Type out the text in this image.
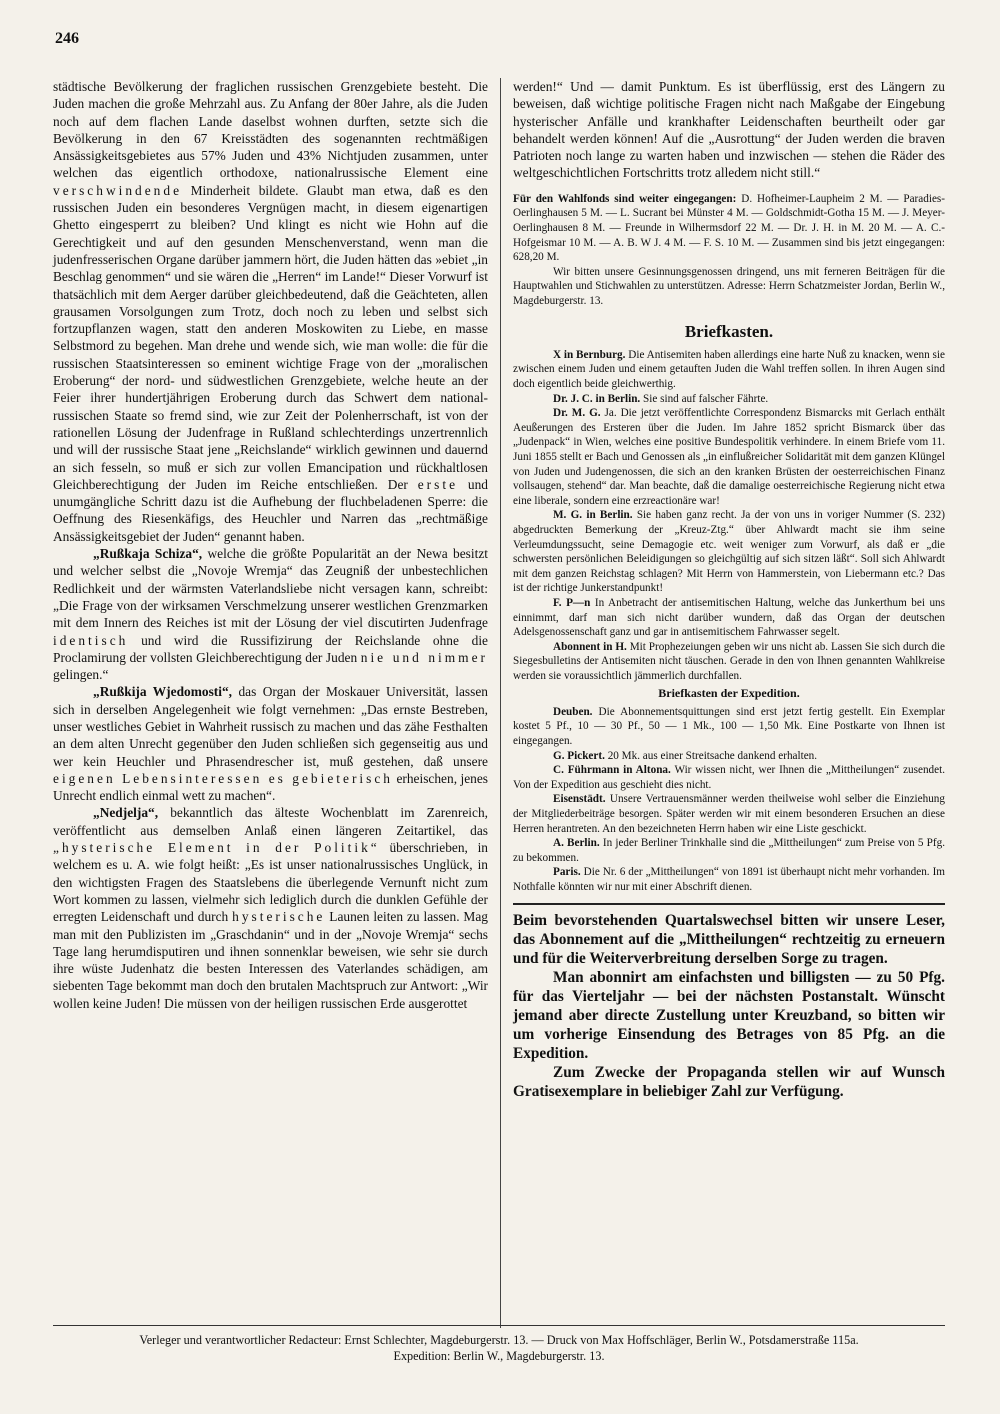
246

städtische Bevölkerung der fraglichen russischen Grenzgebiete besteht. Die Juden machen die große Mehrzahl aus. Zu Anfang der 80er Jahre, als die Juden noch auf dem flachen Lande daselbst wohnen durften, setzte sich die Bevölkerung in den 67 Kreisstädten des sogenannten rechtmäßigen Ansässigkeitsgebietes aus 57% Juden und 43% Nichtjuden zusammen, unter welchen das eigentlich orthodoxe, nationalrussische Element eine verschwindende Minderheit bildete. Glaubt man etwa, daß es den russischen Juden ein besonderes Vergnügen macht, in diesem eigenartigen Ghetto eingesperrt zu bleiben? Und klingt es nicht wie Hohn auf die Gerechtigkeit und auf den gesunden Menschenverstand, wenn man die judenfresserischen Organe darüber jammern hört, die Juden hätten das »ebiet „in Beschlag genommen“ und sie wären die „Herren“ im Lande!“ Dieser Vorwurf ist thatsächlich mit dem Aerger darüber gleichbedeutend, daß die Geächteten, allen grausamen Vorsolgungen zum Trotz, doch noch zu leben und selbst sich fortzupflanzen wagen, statt den anderen Moskowiten zu Liebe, en masse Selbstmord zu begehen. Man drehe und wende sich, wie man wolle: die für die russischen Staatsinteressen so eminent wichtige Frage von der „moralischen Eroberung“ der nord- und südwestlichen Grenzgebiete, welche heute an der Feier ihrer hundertjährigen Eroberung durch das Schwert dem national-russischen Staate so fremd sind, wie zur Zeit der Polenherrschaft, ist von der rationellen Lösung der Judenfrage in Rußland schlechterdings unzertrennlich und will der russische Staat jene „Reichslande“ wirklich gewinnen und dauernd an sich fesseln, so muß er sich zur vollen Emancipation und rückhaltlosen Gleichberechtigung der Juden im Reiche entschließen. Der erste und unumgängliche Schritt dazu ist die Aufhebung der fluchbeladenen Sperre: die Oeffnung des Riesenkäfigs, des Heuchler und Narren das „rechtmäßige Ansässigkeitsgebiet der Juden“ genannt haben.

„Rußkaja Schiza“, welche die größte Popularität an der Newa besitzt und welcher selbst die „Novoje Wremja“ das Zeugniß der unbestechlichen Redlichkeit und der wärmsten Vaterlandsliebe nicht versagen kann, schreibt: „Die Frage von der wirksamen Verschmelzung unserer westlichen Grenzmarken mit dem Innern des Reiches ist mit der Lösung der viel discutirten Judenfrage identisch und wird die Russifizirung der Reichslande ohne die Proclamirung der vollsten Gleichberechtigung der Juden nie und nimmer gelingen.“

„Rußkija Wjedomosti“, das Organ der Moskauer Universität, lassen sich in derselben Angelegenheit wie folgt vernehmen: „Das ernste Bestreben, unser westliches Gebiet in Wahrheit russisch zu machen und das zähe Festhalten an dem alten Unrecht gegenüber den Juden schließen sich gegenseitig aus und wer kein Heuchler und Phrasendrescher ist, muß gestehen, daß unsere eigenen Lebensinteressen es gebieterisch erheischen, jenes Unrecht endlich einmal wett zu machen“.

„Nedjelja“, bekanntlich das älteste Wochenblatt im Zarenreich, veröffentlicht aus demselben Anlaß einen längeren Zeitartikel, das „hysterische Element in der Politik“ überschrieben, in welchem es u. A. wie folgt heißt: „Es ist unser nationalrussisches Unglück, in den wichtigsten Fragen des Staatslebens die überlegende Vernunft nicht zum Wort kommen zu lassen, vielmehr sich lediglich durch die dunklen Gefühle der erregten Leidenschaft und durch hysterische Launen leiten zu lassen. Mag man mit den Publizisten im „Graschdanin“ und in der „Novoje Wremja“ sechs Tage lang herumdisputiren und ihnen sonnenklar beweisen, wie sehr sie durch ihre wüste Judenhatz die besten Interessen des Vaterlandes schädigen, am siebenten Tage bekommt man doch den brutalen Machtspruch zur Antwort: „Wir wollen keine Juden! Die müssen von der heiligen russischen Erde ausgerottet

werden!“ Und — damit Punktum. Es ist überflüssig, erst des Längern zu beweisen, daß wichtige politische Fragen nicht nach Maßgabe der Eingebung hysterischer Anfälle und krankhafter Leidenschaften beurtheilt oder gar behandelt werden können! Auf die „Ausrottung“ der Juden werden die braven Patrioten noch lange zu warten haben und inzwischen — stehen die Räder des weltgeschichtlichen Fortschritts trotz alledem nicht still.“

Für den Wahlfonds sind weiter eingegangen: D. Hofheimer-Laupheim 2 M. — Paradies-Oerlinghausen 5 M. — L. Sucrant bei Münster 4 M. — Goldschmidt-Gotha 15 M. — J. Meyer-Oerlinghausen 8 M. — Freunde in Wilhermsdorf 22 M. — Dr. J. H. in M. 20 M. — A. C.-Hofgeismar 10 M. — A. B. W J. 4 M. — F. S. 10 M. — Zusammen sind bis jetzt eingegangen: 628,20 M.

Wir bitten unsere Gesinnungsgenossen dringend, uns mit ferneren Beiträgen für die Hauptwahlen und Stichwahlen zu unterstützen. Adresse: Herrn Schatzmeister Jordan, Berlin W., Magdeburgerstr. 13.

Briefkasten.

X in Bernburg. Die Antisemiten haben allerdings eine harte Nuß zu knacken, wenn sie zwischen einem Juden und einem getauften Juden die Wahl treffen sollen. In ihren Augen sind doch eigentlich beide gleichwerthig.

Dr. J. C. in Berlin. Sie sind auf falscher Fährte.

Dr. M. G. Ja. Die jetzt veröffentlichte Correspondenz Bismarcks mit Gerlach enthält Aeußerungen des Ersteren über die Juden. Im Jahre 1852 spricht Bismarck über das „Judenpack“ in Wien, welches eine positive Bundespolitik verhindere. In einem Briefe vom 11. Juni 1855 stellt er Bach und Genossen als „in einflußreicher Solidarität mit dem ganzen Klüngel von Juden und Judengenossen, die sich an den kranken Brüsten der oesterreichischen Finanz vollsaugen, stehend“ dar. Man beachte, daß die damalige oesterreichische Regierung nicht etwa eine liberale, sondern eine erzreactionäre war!

M. G. in Berlin. Sie haben ganz recht. Ja der von uns in voriger Nummer (S. 232) abgedruckten Bemerkung der „Kreuz-Ztg.“ über Ahlwardt macht sie ihm seine Verleumdungssucht, seine Demagogie etc. weit weniger zum Vorwurf, als daß er „die schwersten persönlichen Beleidigungen so gleichgültig auf sich sitzen läßt“. Soll sich Ahlwardt mit dem ganzen Reichstag schlagen? Mit Herrn von Hammerstein, von Liebermann etc.? Das ist der richtige Junkerstandpunkt!

F. P—n In Anbetracht der antisemitischen Haltung, welche das Junkerthum bei uns einnimmt, darf man sich nicht darüber wundern, daß das Organ der deutschen Adelsgenossenschaft ganz und gar in antisemitischem Fahrwasser segelt.

Abonnent in H. Mit Prophezeiungen geben wir uns nicht ab. Lassen Sie sich durch die Siegesbulletins der Antisemiten nicht täuschen. Gerade in den von Ihnen genannten Wahlkreise werden sie voraussichtlich jämmerlich durchfallen.

Briefkasten der Expedition.

Deuben. Die Abonnementsquittungen sind erst jetzt fertig gestellt. Ein Exemplar kostet 5 Pf., 10 — 30 Pf., 50 — 1 Mk., 100 — 1,50 Mk. Eine Postkarte von Ihnen ist eingegangen.

G. Pickert. 20 Mk. aus einer Streitsache dankend erhalten.

C. Führmann in Altona. Wir wissen nicht, wer Ihnen die „Mittheilungen“ zusendet. Von der Expedition aus geschieht dies nicht.

Eisenstädt. Unsere Vertrauensmänner werden theilweise wohl selber die Einziehung der Mitgliederbeiträge besorgen. Später werden wir mit einem besonderen Ersuchen an diese Herren herantreten. An den bezeichneten Herrn haben wir eine Liste geschickt.

A. Berlin. In jeder Berliner Trinkhalle sind die „Mittheilungen“ zum Preise von 5 Pfg. zu bekommen.

Paris. Die Nr. 6 der „Mittheilungen“ von 1891 ist überhaupt nicht mehr vorhanden. Im Nothfalle könnten wir nur mit einer Abschrift dienen.

Beim bevorstehenden Quartalswechsel bitten wir unsere Leser, das Abonnement auf die „Mittheilungen“ rechtzeitig zu erneuern und für die Weiterverbreitung derselben Sorge zu tragen.

Man abonnirt am einfachsten und billigsten — zu 50 Pfg. für das Vierteljahr — bei der nächsten Postanstalt. Wünscht jemand aber directe Zustellung unter Kreuzband, so bitten wir um vorherige Einsendung des Betrages von 85 Pfg. an die Expedition.

Zum Zwecke der Propaganda stellen wir auf Wunsch Gratisexemplare in beliebiger Zahl zur Verfügung.

Verleger und verantwortlicher Redacteur: Ernst Schlechter, Magdeburgerstr. 13. — Druck von Max Hoffschläger, Berlin W., Potsdamerstraße 115a.
Expedition: Berlin W., Magdeburgerstr. 13.
